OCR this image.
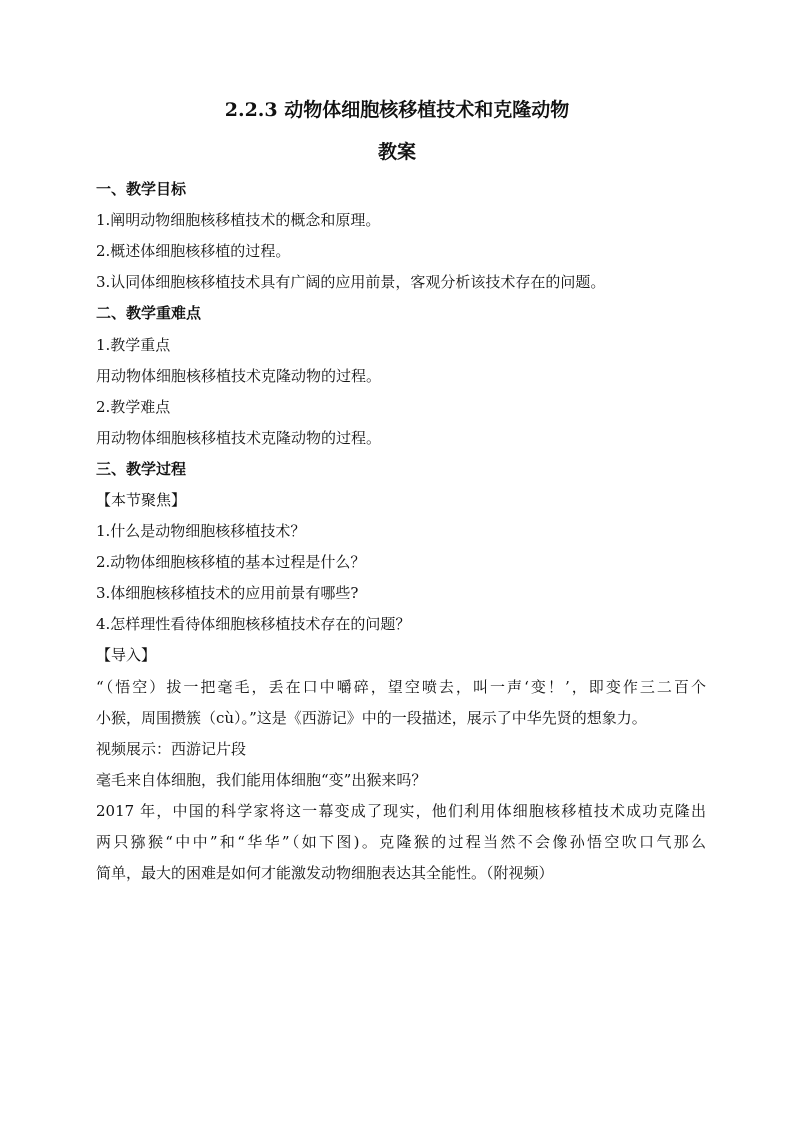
2.2.3 动物体细胞核移植技术和克隆动物
教案
一、教学目标
1.阐明动物细胞核移植技术的概念和原理。
2.概述体细胞核移植的过程。
3.认同体细胞核移植技术具有广阔的应用前景，客观分析该技术存在的问题。
二、教学重难点
1.教学重点
用动物体细胞核移植技术克隆动物的过程。
2.教学难点
用动物体细胞核移植技术克隆动物的过程。
三、教学过程
【本节聚焦】
1.什么是动物细胞核移植技术？
2.动物体细胞核移植的基本过程是什么？
3.体细胞核移植技术的应用前景有哪些?
4.怎样理性看待体细胞核移植技术存在的问题？
【导入】
“（悟空）拔一把毫毛，丢在口中嚼碎，望空喷去，叫一声‘变！’，即变作三二百个
小猴，周围攒簇（cù）。”这是《西游记》中的一段描述，展示了中华先贤的想象力。
视频展示：西游记片段
毫毛来自体细胞，我们能用体细胞“变”出猴来吗？
2017 年，中国的科学家将这一幕变成了现实，他们利用体细胞核移植技术成功克隆出
两只猕猴“中中”和“华华”（如下图)。克隆猴的过程当然不会像孙悟空吹口气那么
简单，最大的困难是如何才能激发动物细胞表达其全能性。（附视频）
